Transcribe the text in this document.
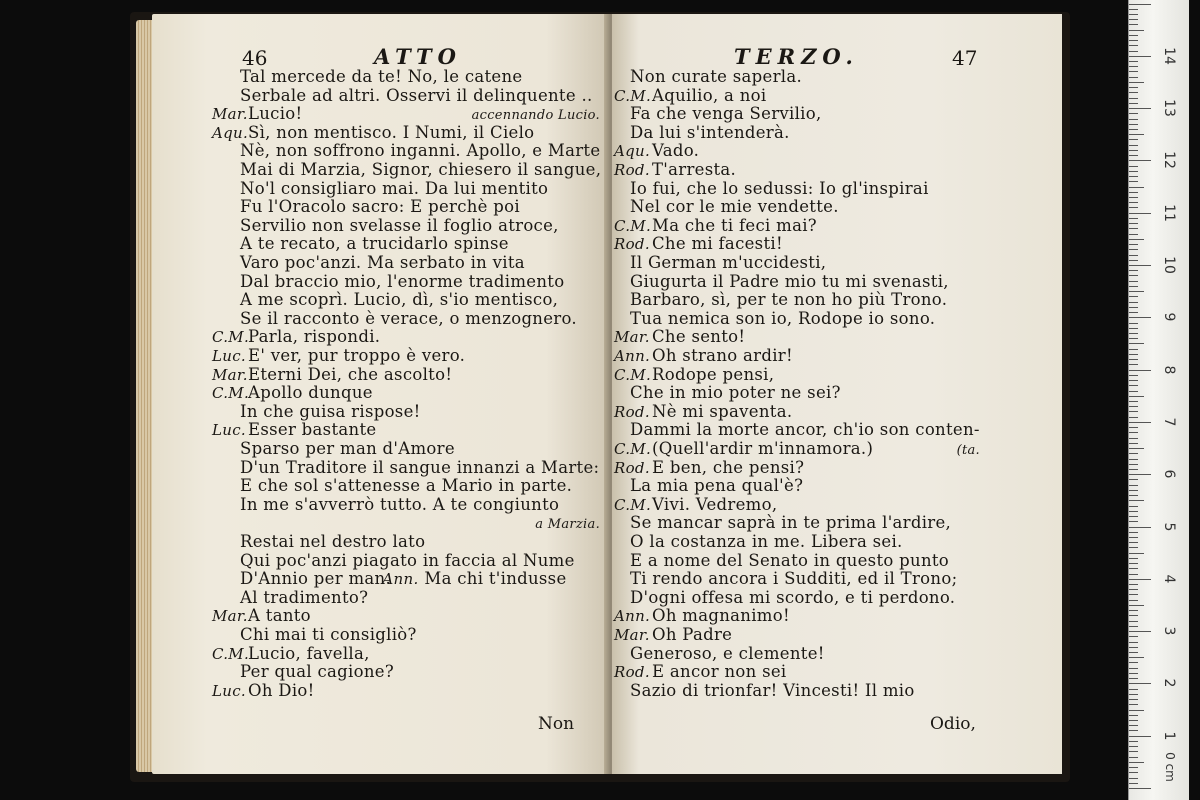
46	ATTO
Tal mercede da te! No, le catene
Serbale ad altri. Osservi il delinquente ..
Mar. Lucio!	accennando Lucio.
Aqu. Sì, non mentisco. I Numi, il Cielo
Nè, non soffrono inganni. Apollo, e Marte
Mai di Marzia, Signor, chiesero il sangue,
No'l consigliaro mai. Da lui mentito
Fu l'Oracolo sacro: E perchè poi
Servilio non svelasse il foglio atroce,
A te recato, a trucidarlo spinse
Varo poc'anzi. Ma serbato in vita
Dal braccio mio, l'enorme tradimento
A me scoprì. Lucio, dì, s'io mentisco,
Se il racconto è verace, o menzognero.
C.M.
Parla, rispondi.
Luc. E' ver, pur troppo è vero.
Mar. Eterni Dei, che ascolto!
C.M.
Apollo dunque
In che guisa rispose!
Luc. Esser bastante
Sparso per man d'Amore
D'un Traditore il sangue innanzi a Marte:
E che sol s'attenesse a Mario in parte.
In me s'avverrò tutto. A te congiunto
a Marzia.
Restai nel destro lato
Qui poc'anzi piagato in faccia al Nume
D'Annio per man.
Ann. Ma chi t'indusse
Al tradimento?
Mar. A tanto
Chi mai ti consigliò?
C.M.
Lucio, favella,
Per qual cagione?
Luc. Oh Dio!
Non
TERZO.	47
Non curate saperla.
C.M. Aquilio, a noi
Fa che venga Servilio,
Da lui s'intenderà.
Aqu. Vado.
Rod. T'arresta.
Io fui, che lo sedussi: Io gl'inspirai
Nel cor le mie vendette.
C.M. Ma che ti feci mai?
Rod. Che mi facesti!
Il German m'uccidesti,
Giugurta il Padre mio tu mi svenasti,
Barbaro, sì, per te non ho più Trono.
Tua nemica son io, Rodope io sono.
Mar. Che sento!
Ann. Oh strano ardir!
C.M. Rodope pensi,
Che in mio poter ne sei?
Rod. Nè mi spaventa.
Dammi la morte ancor, ch'io son conten-
C.M. (Quell'ardir m'innamora.)	(ta.
Rod. E ben, che pensi?
La mia pena qual'è?
C.M. Vivi. Vedremo,
Se mancar saprà in te prima l'ardire,
O la costanza in me. Libera sei.
E a nome del Senato in questo punto
Ti rendo ancora i Sudditi, ed il Trono;
D'ogni offesa mi scordo, e ti perdono.
Ann. Oh magnanimo!
Mar. Oh Padre
Generoso, e clemente!
Rod. E ancor non sei
Sazio di trionfar! Vincesti! Il mio
Odio,
0 cm
1
2
3
4
5
6
7
8
9
10
11
12
13
14
